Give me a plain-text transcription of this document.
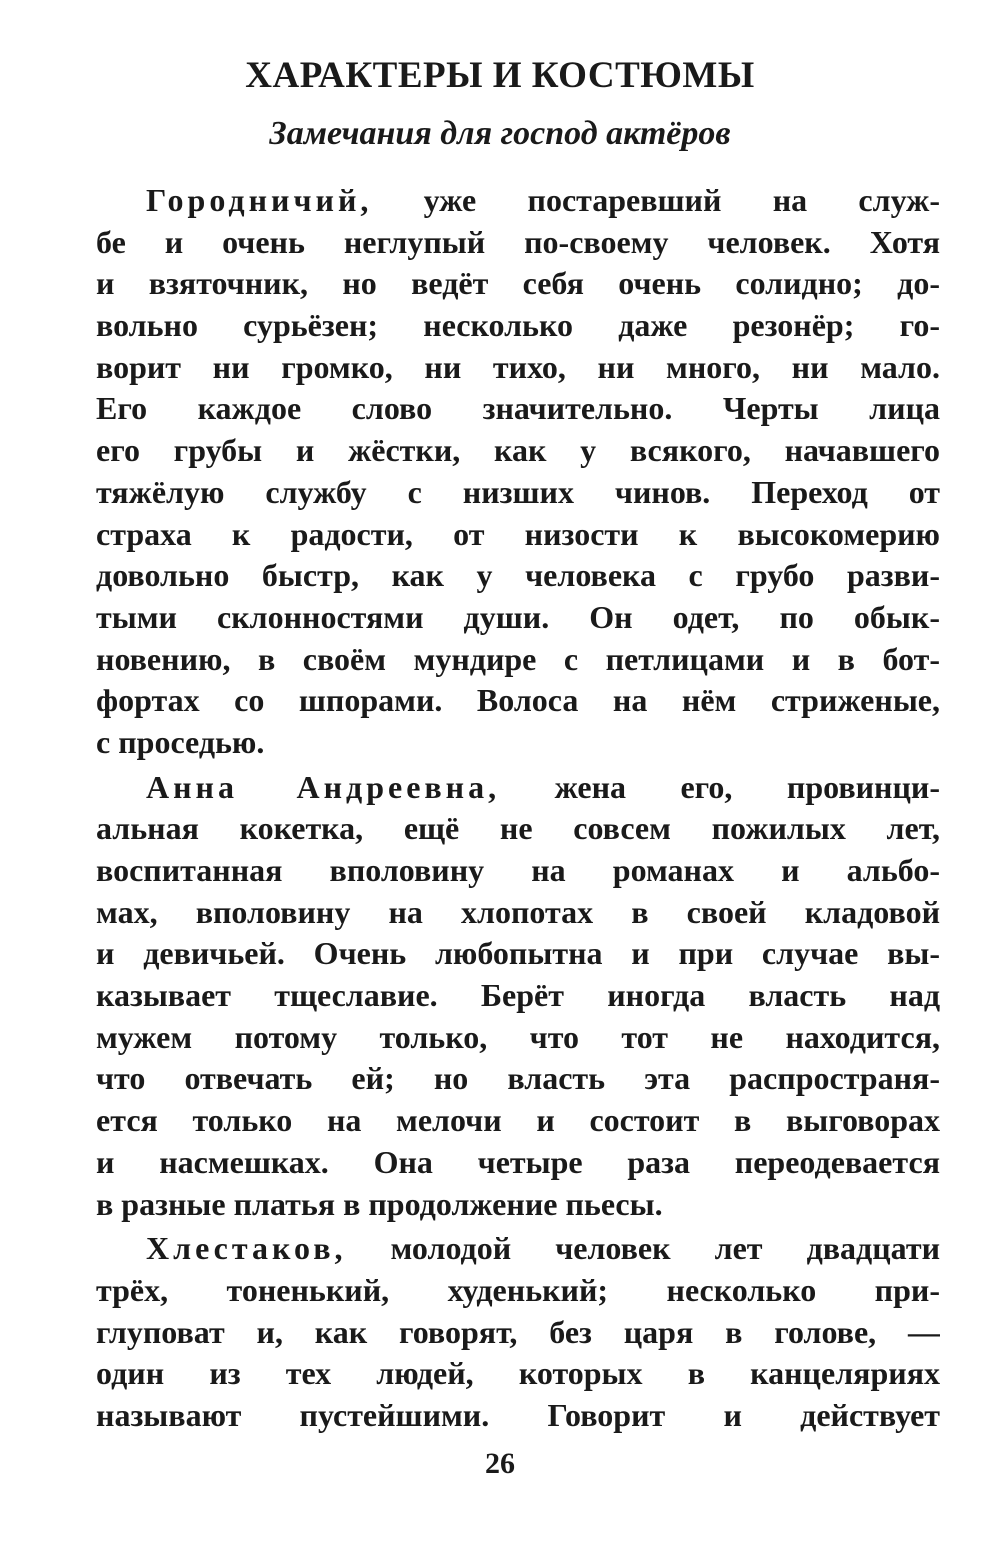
ХАРАКТЕРЫ И КОСТЮМЫ
Замечания для господ актёров
Городничий, уже постаревший на служ-
бе и очень неглупый по-своему человек. Хотя
и взяточник, но ведёт себя очень солидно; до-
вольно сурьёзен; несколько даже резонёр; го-
ворит ни громко, ни тихо, ни много, ни мало.
Его каждое слово значительно. Черты лица
его грубы и жёстки, как у всякого, начавшего
тяжёлую службу с низших чинов. Переход от
страха к радости, от низости к высокомерию
довольно быстр, как у человека с грубо разви-
тыми склонностями души. Он одет, по обык-
новению, в своём мундире с петлицами и в бот-
фортах со шпорами. Волоса на нём стриженые,
с проседью.
Анна Андреевна, жена его, провинци-
альная кокетка, ещё не совсем пожилых лет,
воспитанная вполовину на романах и альбо-
мах, вполовину на хлопотах в своей кладовой
и девичьей. Очень любопытна и при случае вы-
казывает тщеславие. Берёт иногда власть над
мужем потому только, что тот не находится,
что отвечать ей; но власть эта распространя-
ется только на мелочи и состоит в выговорах
и насмешках. Она четыре раза переодевается
в разные платья в продолжение пьесы.
Хлестаков, молодой человек лет двадцати
трёх, тоненький, худенький; несколько при-
глуповат и, как говорят, без царя в голове, —
один из тех людей, которых в канцеляриях
называют пустейшими. Говорит и действует
26
